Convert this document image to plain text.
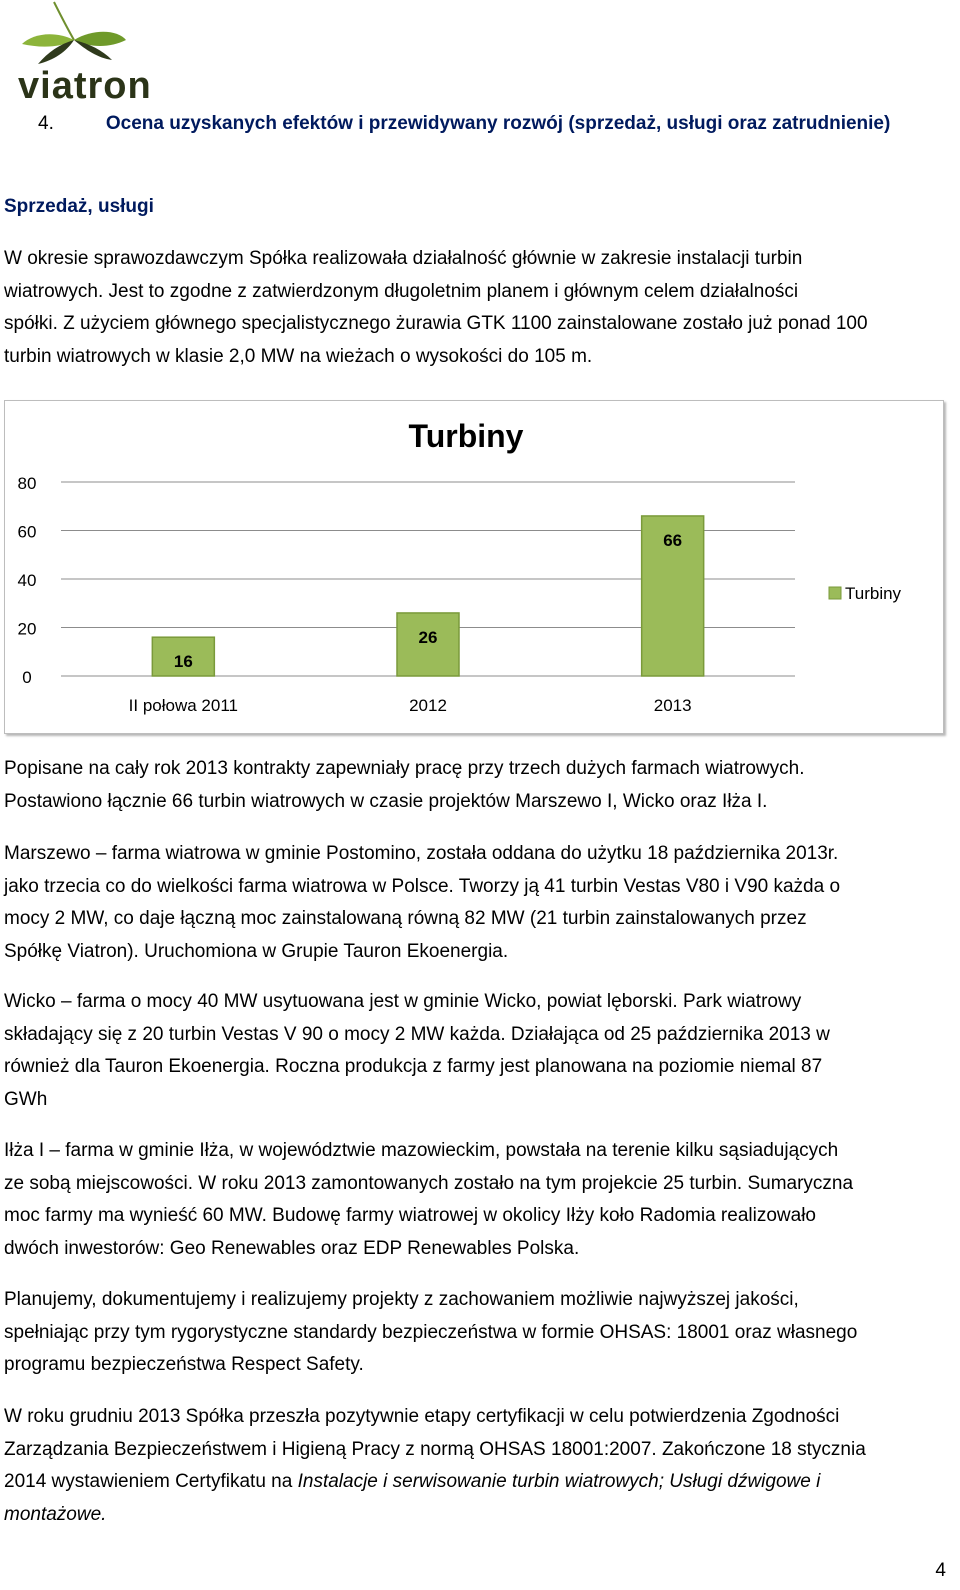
viatron
4.	Ocena uzyskanych efektów i przewidywany rozwój (sprzedaż, usługi oraz zatrudnienie)
Sprzedaż, usługi

W okresie sprawozdawczym Spółka realizowała działalność głównie w zakresie instalacji turbin
wiatrowych. Jest to zgodne z zatwierdzonym długoletnim planem i głównym celem działalności
spółki. Z użyciem głównego specjalistycznego żurawia GTK 1100 zainstalowane zostało już ponad 100
turbin wiatrowych w klasie 2,0 MW na wieżach o wysokości do 105 m.

Turbiny
0
20
40
60
80
16
II połowa 2011
26
2012
66
2013
Turbiny

Popisane na cały rok 2013 kontrakty zapewniały pracę przy trzech dużych farmach wiatrowych.
Postawiono łącznie 66 turbin wiatrowych w czasie projektów Marszewo I, Wicko oraz Iłża I.

Marszewo – farma wiatrowa w gminie Postomino, została oddana do użytku 18 października 2013r.
jako trzecia co do wielkości farma wiatrowa w Polsce. Tworzy ją 41 turbin Vestas V80 i V90 każda o
mocy 2 MW, co daje łączną moc zainstalowaną równą 82 MW (21 turbin zainstalowanych przez
Spółkę Viatron). Uruchomiona w Grupie Tauron Ekoenergia.

Wicko – farma o mocy 40 MW usytuowana jest w gminie Wicko, powiat lęborski. Park wiatrowy
składający się z 20 turbin Vestas V 90 o mocy 2 MW każda. Działająca od 25 października 2013 w
również dla Tauron Ekoenergia. Roczna produkcja z farmy jest planowana na poziomie niemal 87
GWh

Iłża I – farma w gminie Iłża, w województwie mazowieckim, powstała na terenie kilku sąsiadujących
ze sobą miejscowości. W roku 2013 zamontowanych zostało na tym projekcie 25 turbin. Sumaryczna
moc farmy ma wynieść 60 MW. Budowę farmy wiatrowej w okolicy Iłży koło Radomia realizowało
dwóch inwestorów: Geo Renewables oraz EDP Renewables Polska.

Planujemy, dokumentujemy i realizujemy projekty z zachowaniem możliwie najwyższej jakości,
spełniając przy tym rygorystyczne standardy bezpieczeństwa w formie OHSAS: 18001 oraz własnego
programu bezpieczeństwa Respect Safety.

W roku grudniu 2013 Spółka przeszła pozytywnie etapy certyfikacji w celu potwierdzenia Zgodności
Zarządzania Bezpieczeństwem i Higieną Pracy z normą OHSAS 18001:2007. Zakończone 18 stycznia
2014 wystawieniem Certyfikatu na Instalacje i serwisowanie turbin wiatrowych; Usługi dźwigowe i
montażowe.

4
